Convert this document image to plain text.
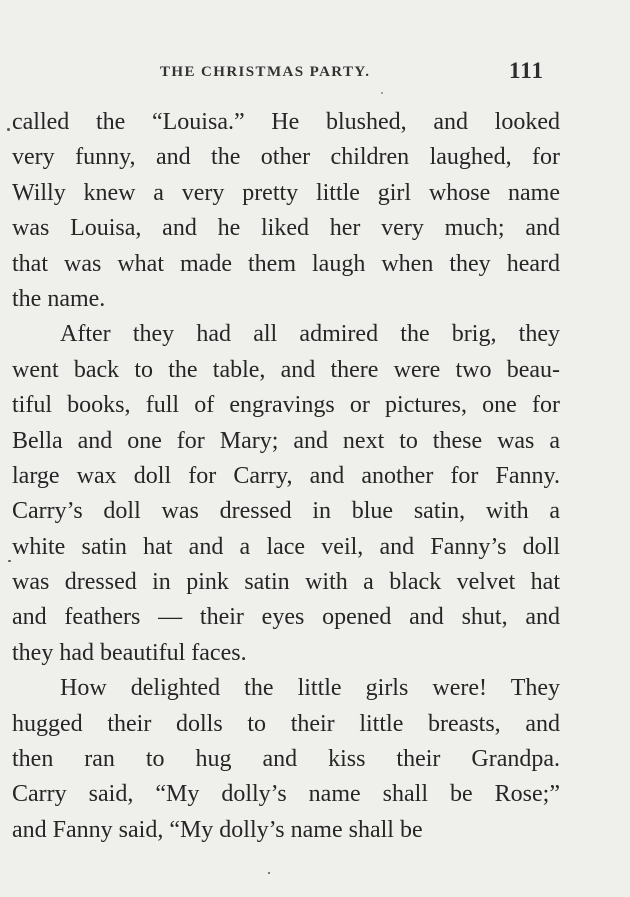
THE CHRISTMAS PARTY.	111
called the “Louisa.” He blushed, and looked
very funny, and the other children laughed, for
Willy knew a very pretty little girl whose name
was Louisa, and he liked her very much; and
that was what made them laugh when they heard
the name.
After they had all admired the brig, they
went back to the table, and there were two beau-
tiful books, full of engravings or pictures, one for
Bella and one for Mary; and next to these was a
large wax doll for Carry, and another for Fanny.
Carry’s doll was dressed in blue satin, with a
white satin hat and a lace veil, and Fanny’s doll
was dressed in pink satin with a black velvet hat
and feathers — their eyes opened and shut, and
they had beautiful faces.
How delighted the little girls were! They
hugged their dolls to their little breasts, and
then ran to hug and kiss their Grandpa.
Carry said, “My dolly’s name shall be Rose;”
and Fanny said, “My dolly’s name shall be
